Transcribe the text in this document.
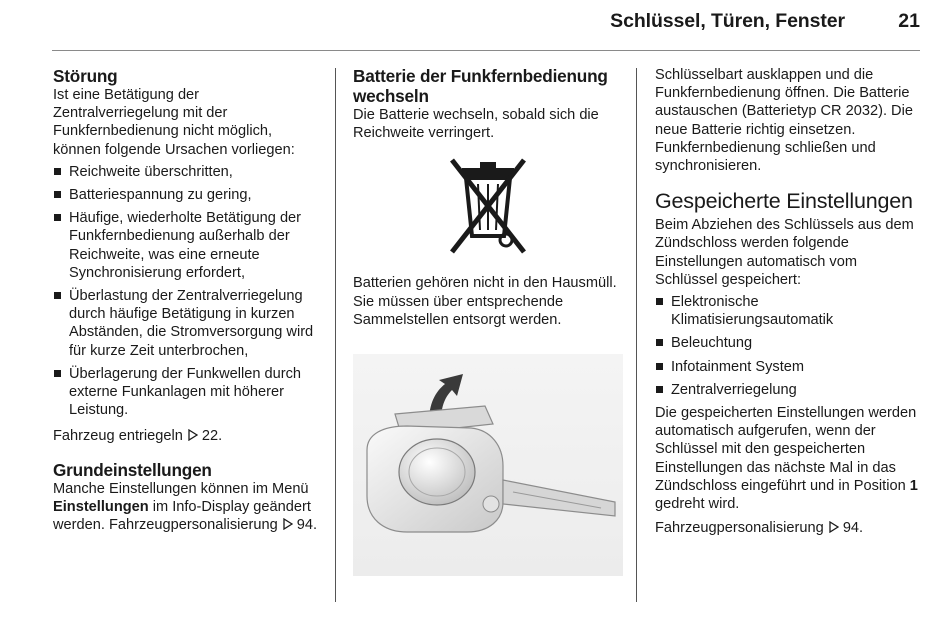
Schlüssel, Türen, Fenster	21
Störung

Ist eine Betätigung der Zentralverriegelung mit der Funkfernbedienung nicht möglich, können folgende Ursachen vorliegen:

Reichweite überschritten,
Batteriespannung zu gering,
Häufige, wiederholte Betätigung der Funkfernbedienung außerhalb der Reichweite, was eine erneute Synchronisierung erfordert,
Überlastung der Zentralverriegelung durch häufige Betätigung in kurzen Abständen, die Stromversorgung wird für kurze Zeit unterbrochen,
Überlagerung der Funkwellen durch externe Funkanlagen mit höherer Leistung.

Fahrzeug entriegeln 22.

Grundeinstellungen

Manche Einstellungen können im Menü Einstellungen im Info-Display geändert werden. Fahrzeugpersonalisierung 94.

Batterie der Funkfernbedienung wechseln

Die Batterie wechseln, sobald sich die Reichweite verringert.

Batterien gehören nicht in den Hausmüll. Sie müssen über entsprechende Sammelstellen entsorgt werden.

Schlüsselbart ausklappen und die Funkfernbedienung öffnen. Die Batterie austauschen (Batterietyp CR 2032). Die neue Batterie richtig einsetzen. Funkfernbedienung schließen und synchronisieren.

Gespeicherte Einstellungen

Beim Abziehen des Schlüssels aus dem Zündschloss werden folgende Einstellungen automatisch vom Schlüssel gespeichert:

Elektronische Klimatisierungsautomatik
Beleuchtung
Infotainment System
Zentralverriegelung

Die gespeicherten Einstellungen werden automatisch aufgerufen, wenn der Schlüssel mit den gespeicherten Einstellungen das nächste Mal in das Zündschloss eingeführt und in Position 1 gedreht wird.

Fahrzeugpersonalisierung 94.
